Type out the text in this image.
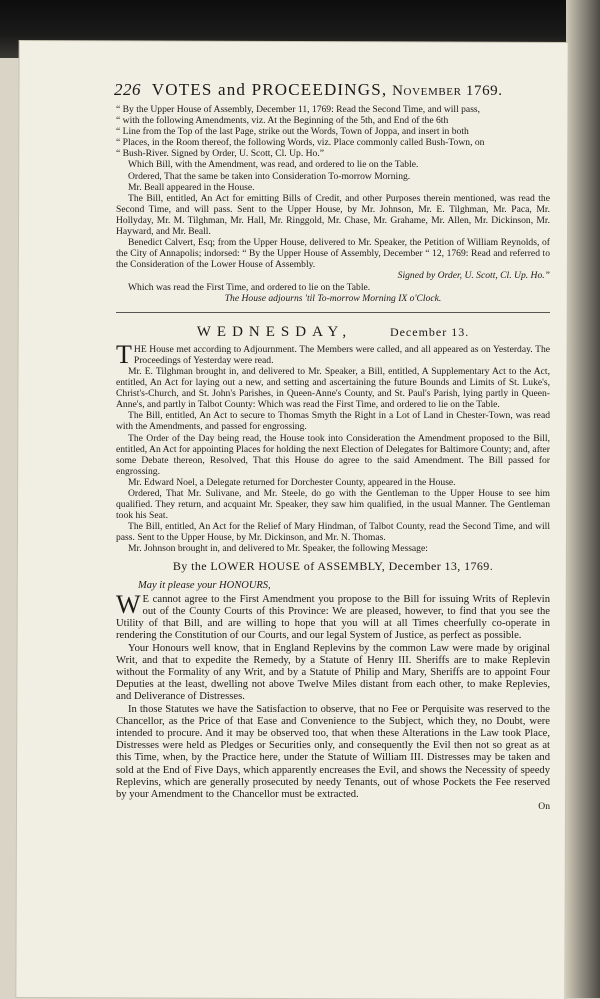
226 VOTES and PROCEEDINGS, November 1769.

“ By the Upper House of Assembly, December 11, 1769: Read the Second Time, and will pass,

“ with the following Amendments, viz. At the Beginning of the 5th, and End of the 6th

“ Line from the Top of the last Page, strike out the Words, Town of Joppa, and insert in both

“ Places, in the Room thereof, the following Words, viz. Place commonly called Bush-Town, on

“ Bush-River. Signed by Order, U. Scott, Cl. Up. Ho.”

Which Bill, with the Amendment, was read, and ordered to lie on the Table.

Ordered, That the same be taken into Consideration To-morrow Morning.

Mr. Beall appeared in the House.

The Bill, entitled, An Act for emitting Bills of Credit, and other Purposes therein mentioned, was read the Second Time, and will pass. Sent to the Upper House, by Mr. Johnson, Mr. E. Tilghman, Mr. Paca, Mr. Hollyday, Mr. M. Tilghman, Mr. Hall, Mr. Ringgold, Mr. Chase, Mr. Grahame, Mr. Allen, Mr. Dickinson, Mr. Hayward, and Mr. Beall.

Benedict Calvert, Esq; from the Upper House, delivered to Mr. Speaker, the Petition of William Reynolds, of the City of Annapolis; indorsed: “ By the Upper House of Assembly, December “ 12, 1769: Read and referred to the Consideration of the Lower House of Assembly.

Signed by Order, U. Scott, Cl. Up. Ho.”

Which was read the First Time, and ordered to lie on the Table.

The House adjourns 'til To-morrow Morning IX o'Clock.

WEDNESDAY,	December 13.

THE House met according to Adjournment. The Members were called, and all appeared as on Yesterday. The Proceedings of Yesterday were read.

Mr. E. Tilghman brought in, and delivered to Mr. Speaker, a Bill, entitled, A Supplementary Act to the Act, entitled, An Act for laying out a new, and setting and ascertaining the future Bounds and Limits of St. Luke's, Christ's-Church, and St. John's Parishes, in Queen-Anne's County, and St. Paul's Parish, lying partly in Queen-Anne's, and partly in Talbot County: Which was read the First Time, and ordered to lie on the Table.

The Bill, entitled, An Act to secure to Thomas Smyth the Right in a Lot of Land in Chester-Town, was read with the Amendments, and passed for engrossing.

The Order of the Day being read, the House took into Consideration the Amendment proposed to the Bill, entitled, An Act for appointing Places for holding the next Election of Delegates for Baltimore County; and, after some Debate thereon, Resolved, That this House do agree to the said Amendment. The Bill passed for engrossing.

Mr. Edward Noel, a Delegate returned for Dorchester County, appeared in the House.

Ordered, That Mr. Sulivane, and Mr. Steele, do go with the Gentleman to the Upper House to see him qualified. They return, and acquaint Mr. Speaker, they saw him qualified, in the usual Manner. The Gentleman took his Seat.

The Bill, entitled, An Act for the Relief of Mary Hindman, of Talbot County, read the Second Time, and will pass. Sent to the Upper House, by Mr. Dickinson, and Mr. N. Thomas.

Mr. Johnson brought in, and delivered to Mr. Speaker, the following Message:

By the LOWER HOUSE of ASSEMBLY, December 13, 1769.
May it please your HONOURS,

W E cannot agree to the First Amendment you propose to the Bill for issuing Writs of Replevin out of the County Courts of this Province: We are pleased, however, to find that you see the Utility of that Bill, and are willing to hope that you will at all Times cheerfully co-operate in rendering the Constitution of our Courts, and our legal System of Justice, as perfect as possible.

Your Honours well know, that in England Replevins by the common Law were made by original Writ, and that to expedite the Remedy, by a Statute of Henry III. Sheriffs are to make Replevin without the Formality of any Writ, and by a Statute of Philip and Mary, Sheriffs are to appoint Four Deputies at the least, dwelling not above Twelve Miles distant from each other, to make Replevies, and Deliverance of Distresses.

In those Statutes we have the Satisfaction to observe, that no Fee or Perquisite was reserved to the Chancellor, as the Price of that Ease and Convenience to the Subject, which they, no Doubt, were intended to procure. And it may be observed too, that when these Alterations in the Law took Place, Distresses were held as Pledges or Securities only, and consequently the Evil then not so great as at this Time, when, by the Practice here, under the Statute of William III. Distresses may be taken and sold at the End of Five Days, which apparently encreases the Evil, and shows the Necessity of speedy Replevins, which are generally prosecuted by needy Tenants, out of whose Pockets the Fee reserved by your Amendment to the Chancellor must be extracted.

On
